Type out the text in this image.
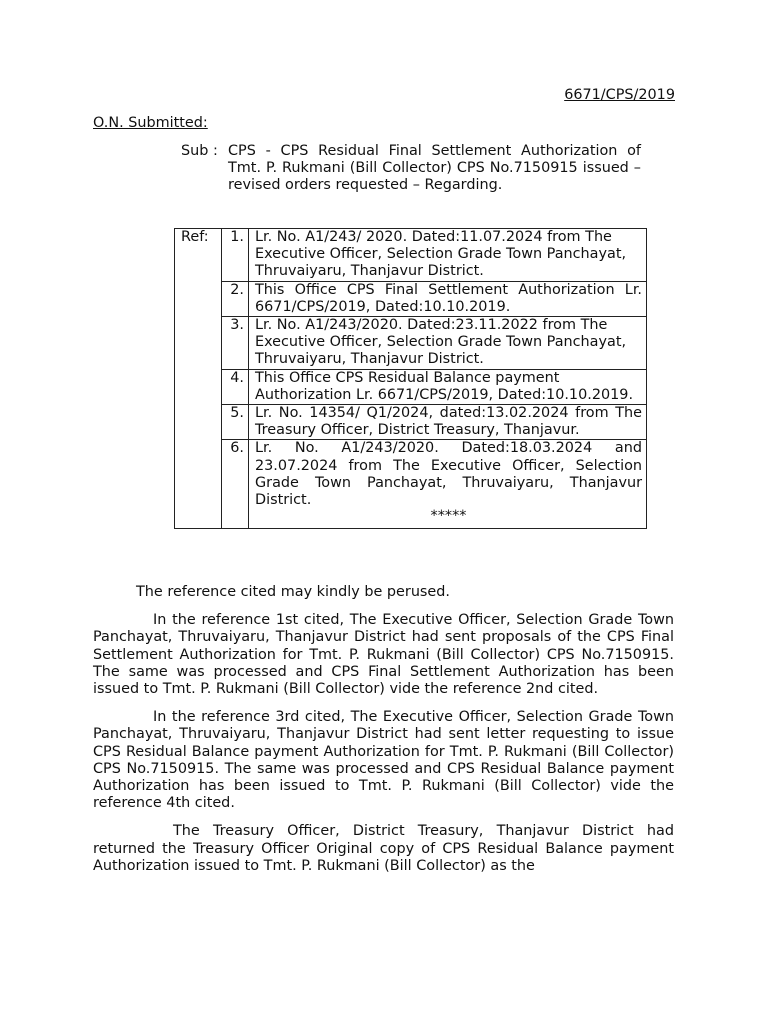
6671/CPS/2019
O.N. Submitted:
Sub : CPS - CPS Residual Final Settlement Authorization of Tmt. P. Rukmani (Bill Collector) CPS No.7150915 issued –revised orders requested – Regarding.
Ref:	1.	Lr. No. A1/243/ 2020. Dated:11.07.2024 from The Executive Officer, Selection Grade Town Panchayat, Thruvaiyaru, Thanjavur District.
	2.	This Office CPS Final Settlement Authorization Lr. 6671/CPS/2019, Dated:10.10.2019.
	3.	Lr. No. A1/243/2020. Dated:23.11.2022 from The Executive Officer, Selection Grade Town Panchayat, Thruvaiyaru, Thanjavur District.
	4.	This Office CPS Residual Balance payment Authorization Lr. 6671/CPS/2019, Dated:10.10.2019.
	5.	Lr. No. 14354/ Q1/2024, dated:13.02.2024 from The Treasury Officer, District Treasury, Thanjavur.
	6.	Lr. No. A1/243/2020. Dated:18.03.2024 and 23.07.2024 from The Executive Officer, Selection Grade Town Panchayat, Thruvaiyaru, Thanjavur District.
*****

The reference cited may kindly be perused.

In the reference 1st cited, The Executive Officer, Selection Grade Town Panchayat, Thruvaiyaru, Thanjavur District had sent proposals of the CPS Final Settlement Authorization for Tmt. P. Rukmani (Bill Collector) CPS No.7150915. The same was processed and CPS Final Settlement Authorization has been issued to Tmt. P. Rukmani (Bill Collector) vide the reference 2nd cited.

In the reference 3rd cited, The Executive Officer, Selection Grade Town Panchayat, Thruvaiyaru, Thanjavur District had sent letter requesting to issue CPS Residual Balance payment Authorization for Tmt. P. Rukmani (Bill Collector) CPS No.7150915. The same was processed and CPS Residual Balance payment Authorization has been issued to Tmt. P. Rukmani (Bill Collector) vide the reference 4th cited.

The Treasury Officer, District Treasury, Thanjavur District had returned the Treasury Officer Original copy of CPS Residual Balance payment Authorization issued to Tmt. P. Rukmani (Bill Collector) as the
